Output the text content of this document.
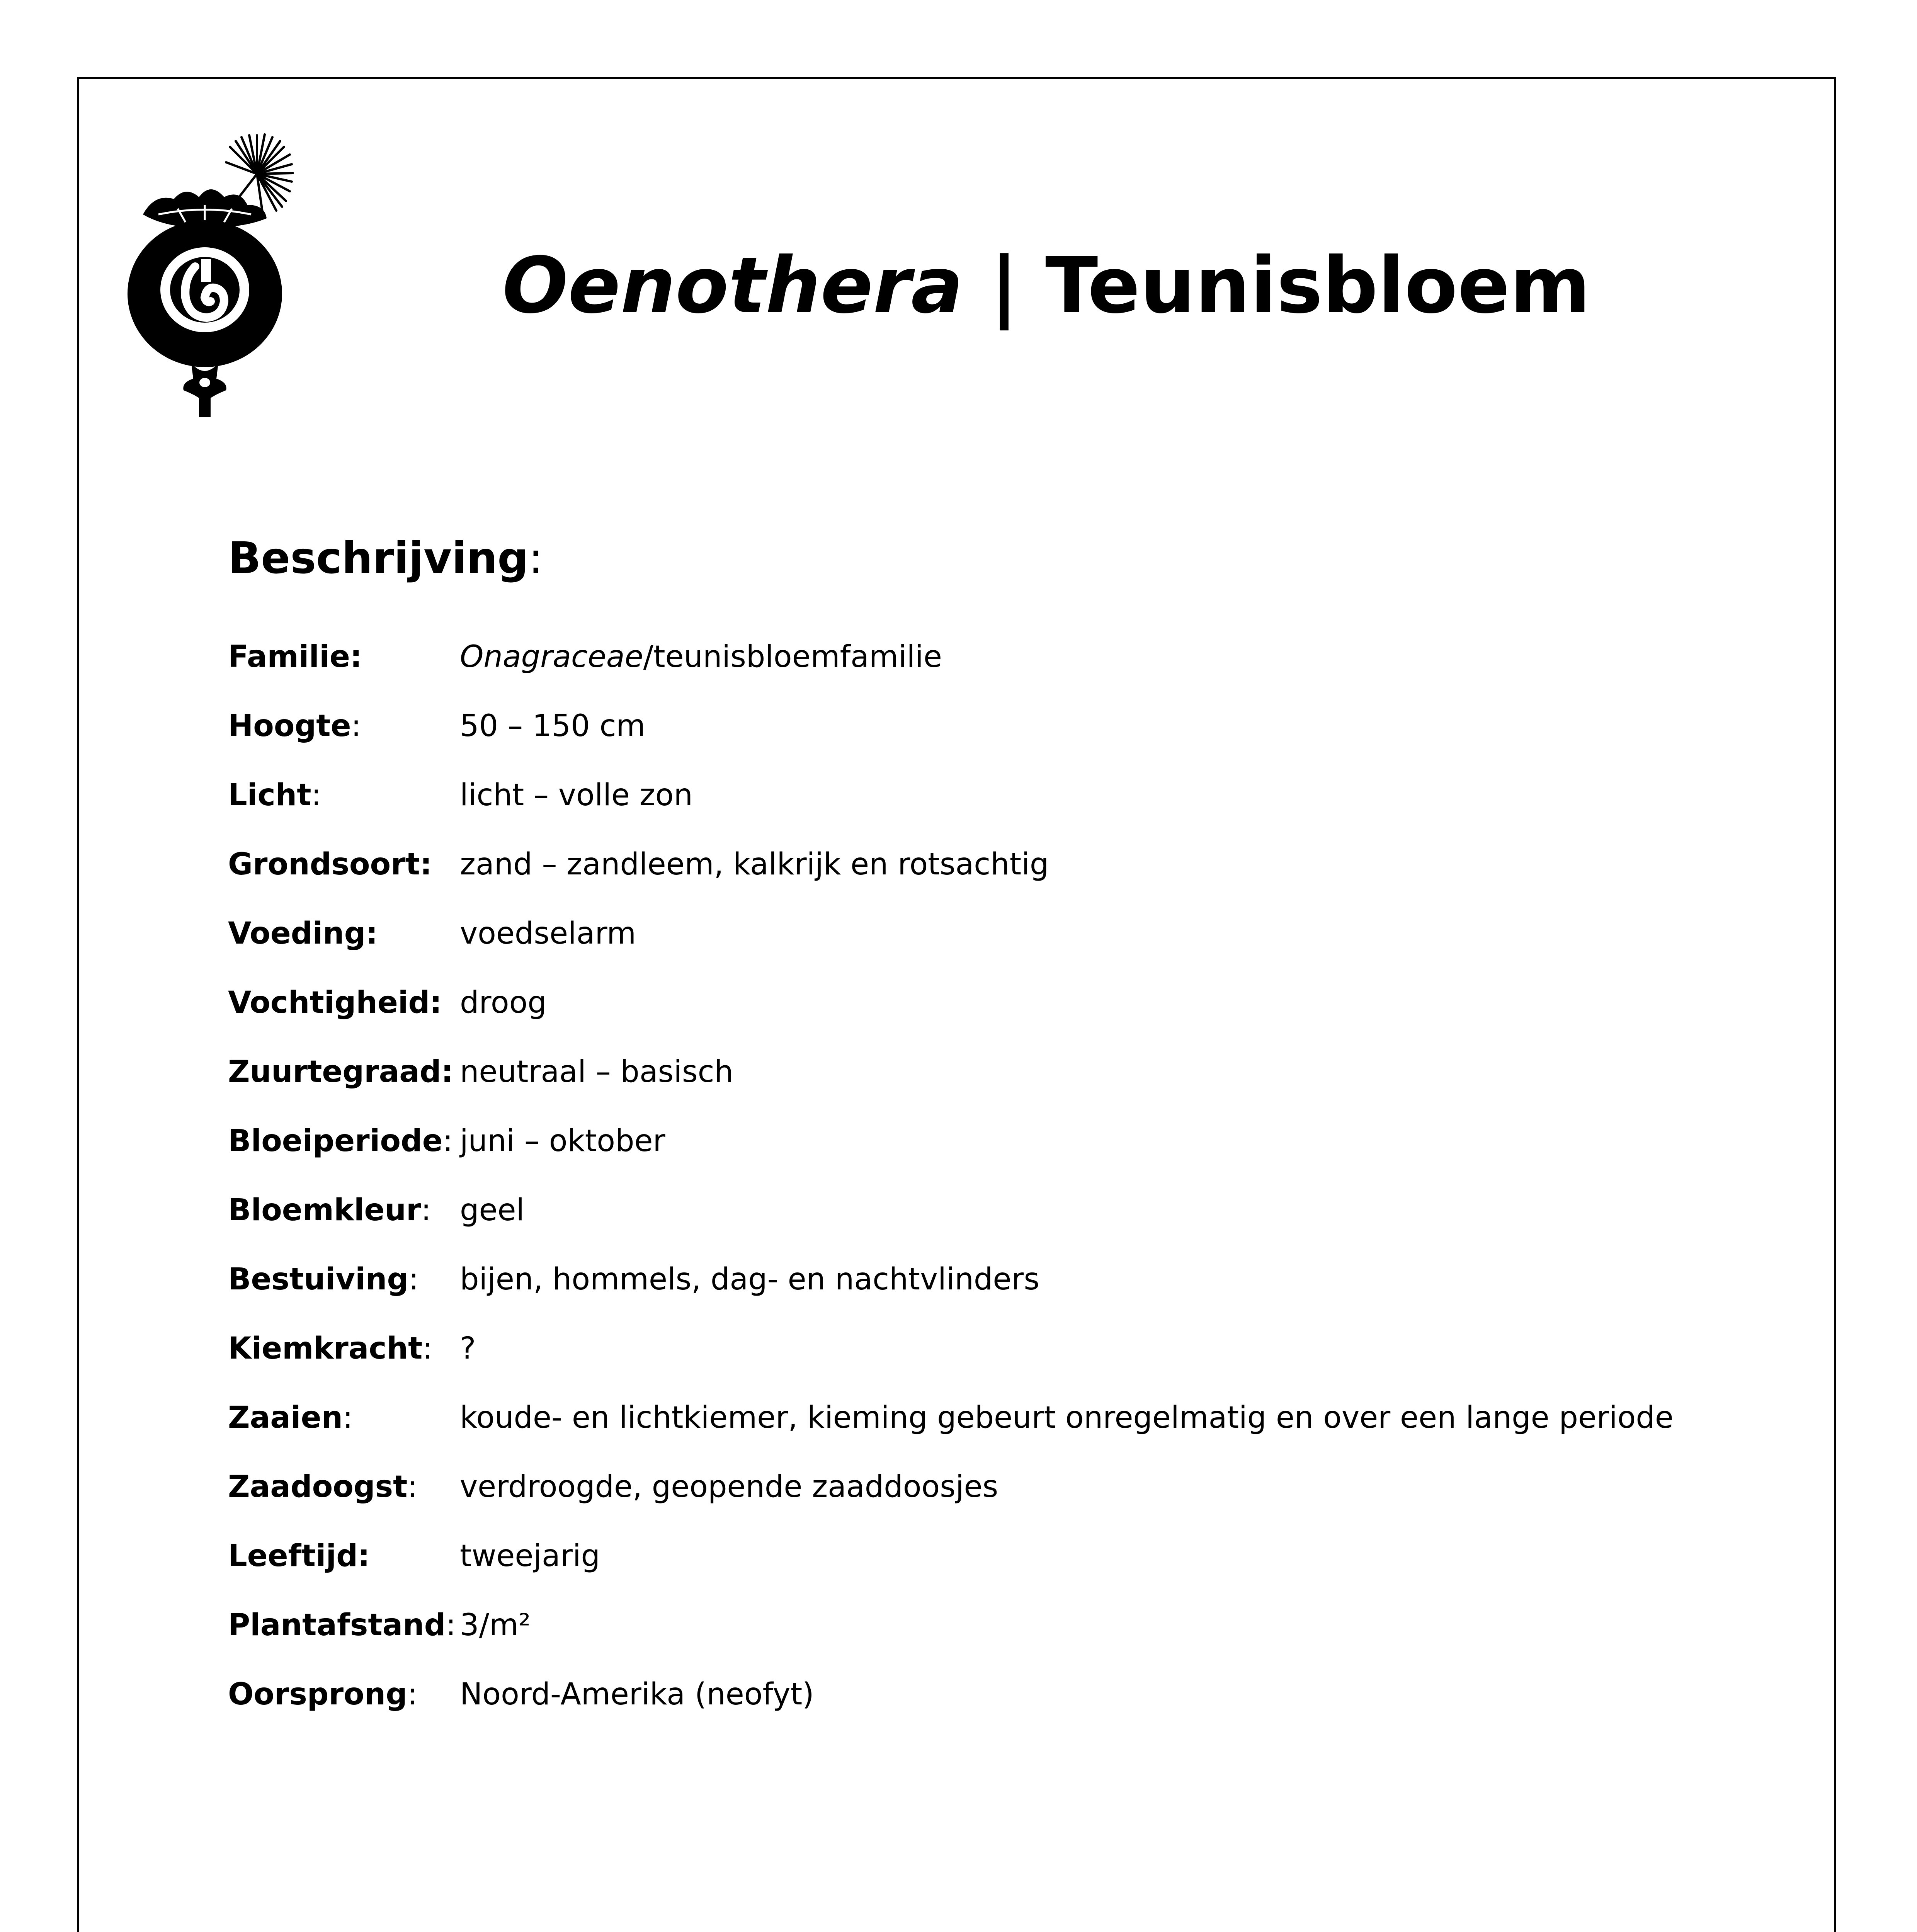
Oenothera | Teunisbloem
Beschrijving:
Familie:	Onagraceae/teunisbloemfamilie
Hoogte:	50 – 150 cm
Licht:	licht – volle zon
Grondsoort: zand – zandleem, kalkrijk en rotsachtig
Voeding:	voedselarm
Vochtigheid: droog
Zuurtegraad: neutraal – basisch
Bloeiperiode: juni – oktober
Bloemkleur: geel
Bestuiving:	bijen, hommels, dag- en nachtvlinders
Kiemkracht: ?
Zaaien:	koude- en lichtkiemer, kieming gebeurt onregelmatig en over een lange periode
Zaadoogst:	verdroogde, geopende zaaddoosjes
Leeftijd:	tweejarig
Plantafstand: 3/m²
Oorsprong:	Noord-Amerika (neofyt)
